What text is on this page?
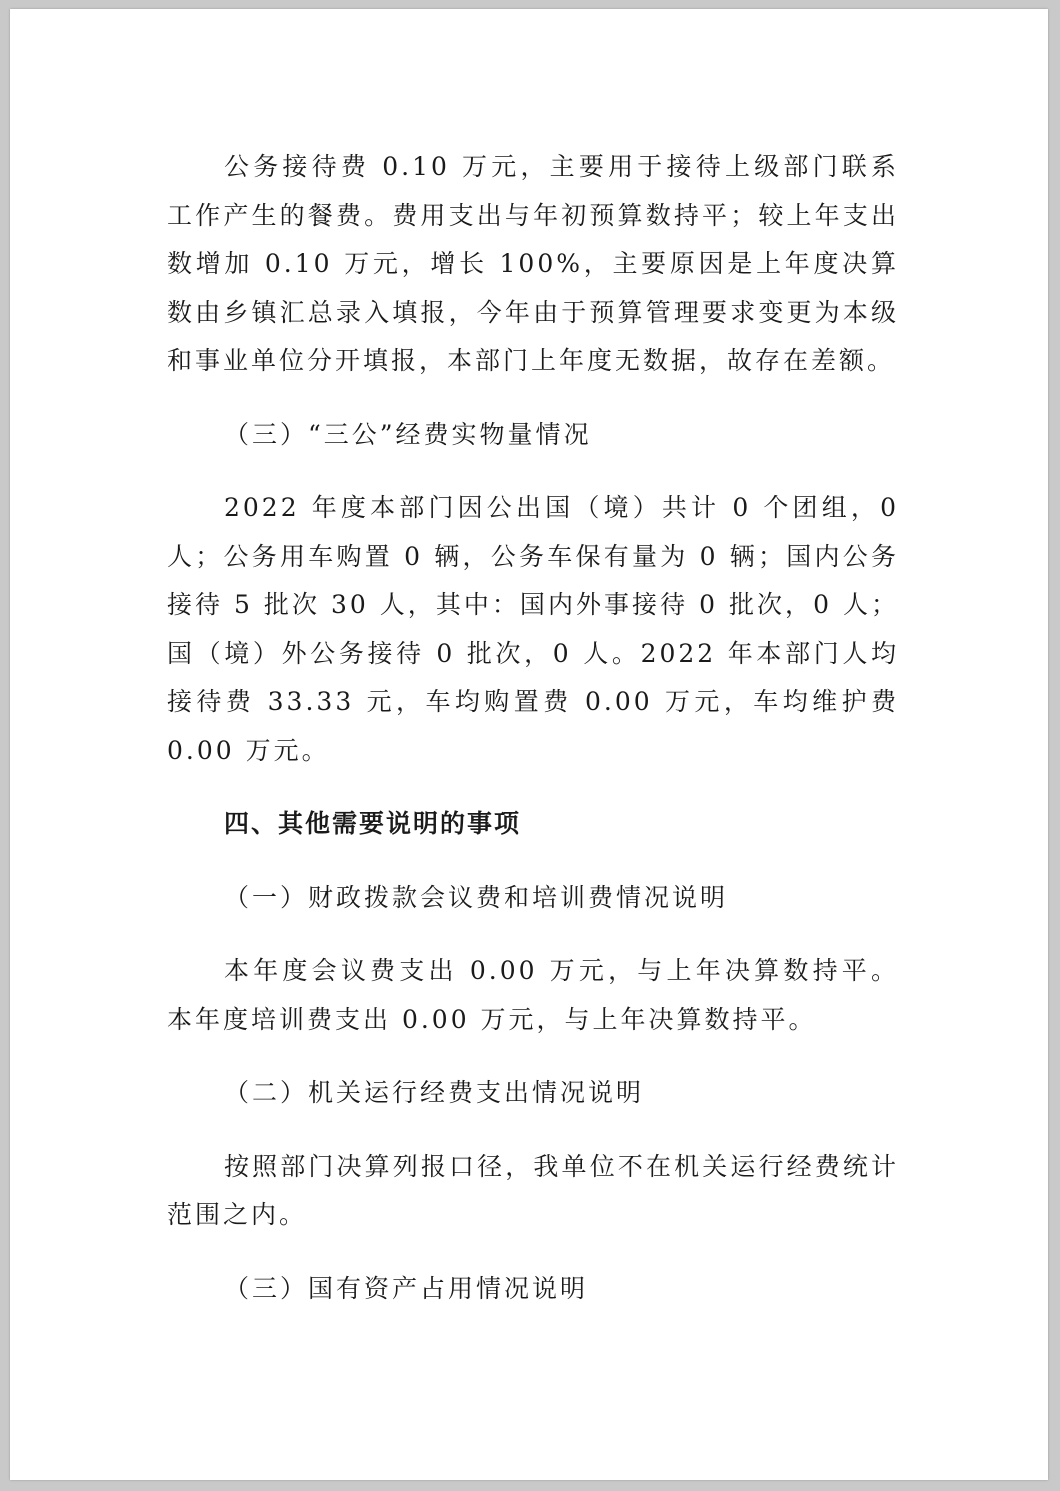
公务接待费 0.10 万元，主要用于接待上级部门联系工作产生的餐费。费用支出与年初预算数持平；较上年支出数增加 0.10 万元，增长 100%，主要原因是上年度决算数由乡镇汇总录入填报，今年由于预算管理要求变更为本级和事业单位分开填报，本部门上年度无数据，故存在差额。

（三）“三公”经费实物量情况

2022 年度本部门因公出国（境）共计 0 个团组，0 人；公务用车购置 0 辆，公务车保有量为 0 辆；国内公务接待 5 批次 30 人，其中：国内外事接待 0 批次，0 人；国（境）外公务接待 0 批次，0 人。2022 年本部门人均接待费 33.33 元，车均购置费 0.00 万元，车均维护费 0.00 万元。

四、其他需要说明的事项

（一）财政拨款会议费和培训费情况说明

本年度会议费支出 0.00 万元，与上年决算数持平。本年度培训费支出 0.00 万元，与上年决算数持平。

（二）机关运行经费支出情况说明

按照部门决算列报口径，我单位不在机关运行经费统计范围之内。

（三）国有资产占用情况说明
